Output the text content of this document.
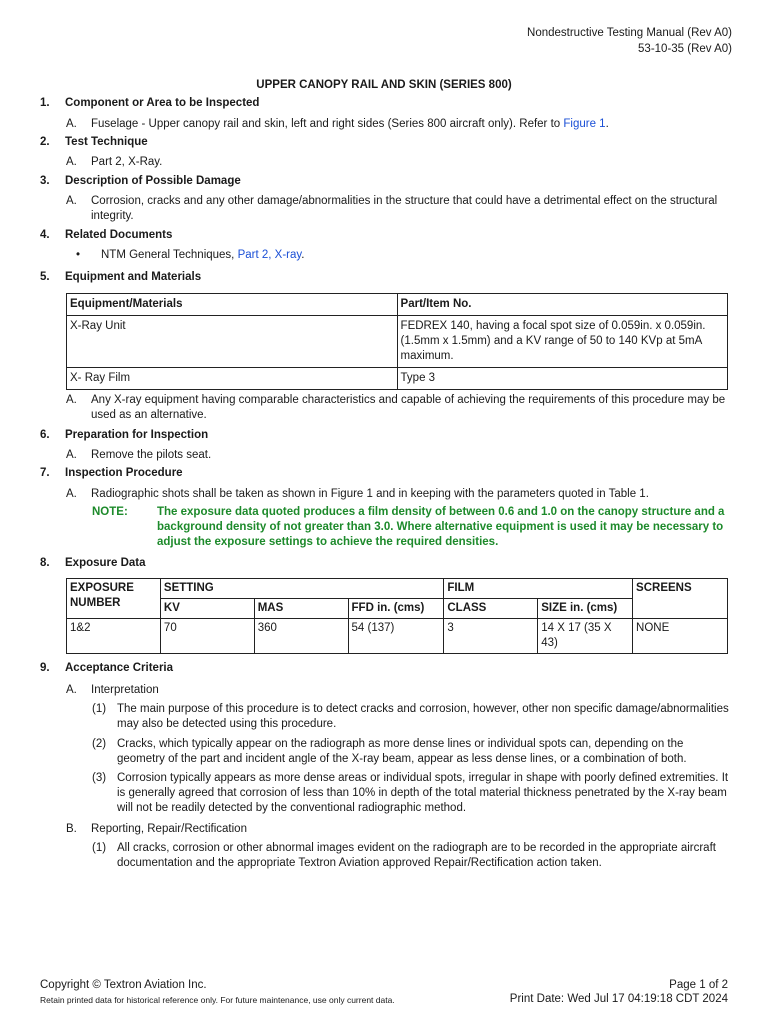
Nondestructive Testing Manual (Rev A0)
53-10-35 (Rev A0)
UPPER CANOPY RAIL AND SKIN (SERIES 800)
1. Component or Area to be Inspected
A. Fuselage - Upper canopy rail and skin, left and right sides (Series 800 aircraft only). Refer to Figure 1.
2. Test Technique
A. Part 2, X-Ray.
3. Description of Possible Damage
A. Corrosion, cracks and any other damage/abnormalities in the structure that could have a detrimental effect on the structural integrity.
4. Related Documents
• NTM General Techniques, Part 2, X-ray.
5. Equipment and Materials
Equipment/Materials	Part/Item No.
X-Ray Unit	FEDREX 140, having a focal spot size of 0.059in. x 0.059in. (1.5mm x 1.5mm) and a KV range of 50 to 140 KVp at 5mA maximum.
X- Ray Film	Type 3
A. Any X-ray equipment having comparable characteristics and capable of achieving the requirements of this procedure may be used as an alternative.
6. Preparation for Inspection
A. Remove the pilots seat.
7. Inspection Procedure
A. Radiographic shots shall be taken as shown in Figure 1 and in keeping with the parameters quoted in Table 1.
NOTE:	The exposure data quoted produces a film density of between 0.6 and 1.0 on the canopy structure and a background density of not greater than 3.0. Where alternative equipment is used it may be necessary to adjust the exposure settings to achieve the required densities.
8. Exposure Data
EXPOSURE NUMBER	SETTING			FILM		SCREENS
	KV	MAS	FFD in. (cms)	CLASS	SIZE in. (cms)	
1&2	70	360	54 (137)	3	14 X 17 (35 X 43)	NONE
9. Acceptance Criteria
A. Interpretation
(1) The main purpose of this procedure is to detect cracks and corrosion, however, other non specific damage/abnormalities may also be detected using this procedure.
(2) Cracks, which typically appear on the radiograph as more dense lines or individual spots can, depending on the geometry of the part and incident angle of the X-ray beam, appear as less dense lines, or a combination of both.
(3) Corrosion typically appears as more dense areas or individual spots, irregular in shape with poorly defined extremities. It is generally agreed that corrosion of less than 10% in depth of the total material thickness penetrated by the X-ray beam will not be readily detected by the conventional radiographic method.
B. Reporting, Repair/Rectification
(1) All cracks, corrosion or other abnormal images evident on the radiograph are to be recorded in the appropriate aircraft documentation and the appropriate Textron Aviation approved Repair/Rectification action taken.
Copyright © Textron Aviation Inc.
Retain printed data for historical reference only. For future maintenance, use only current data.
Page 1 of 2
Print Date: Wed Jul 17 04:19:18 CDT 2024
